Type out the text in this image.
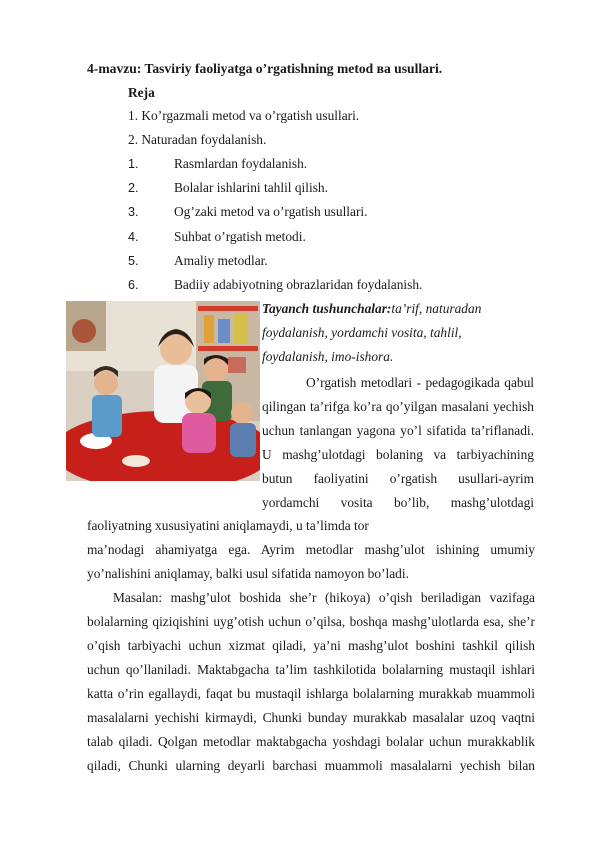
4-mavzu: Tasviriy faoliyatga o’rgatishning metod ва usullari.
Reja
1. Ko’rgazmali metod va o’rgatish usullari.
2. Naturadan foydalanish.
1.	Rasmlardan foydalanish.
2.	Bolalar ishlarini tahlil qilish.
3.	Og’zaki metod va o’rgatish usullari.
4.	Suhbat o’rgatish metodi.
5.	Amaliy metodlar.
6.	Badiiy adabiyotning obrazlaridan foydalanish.
Tayanch tushunchalar:ta’rif, naturadan
foydalanish, yordamchi vosita, tahlil,
foydalanish, imo-ishora.
O’rgatish metodlari - pedagogikada qabul
qilingan ta’rifga ko’ra qo’yilgan masalani yechish
uchun tanlangan yagona yo’l sifatida ta’riflanadi.
U mashg’ulotdagi bolaning va tarbiyachining
butun faoliyatini o’rgatish usullari-ayrim
yordamchi vosita bo’lib, mashg’ulotdagi
faoliyatning xususiyatini aniqlamaydi, u ta’limda tor
ma’nodagi ahamiyatga ega. Ayrim metodlar mashg’ulot ishining umumiy
yo’nalishini aniqlamay, balki usul sifatida namoyon bo’ladi.
Masalan: mashg’ulot boshida she’r (hikoya) o’qish beriladigan vazifaga
bolalarning qiziqishini uyg’otish uchun o’qilsa, boshqa mashg’ulotlarda esa, she’r
o’qish tarbiyachi uchun xizmat qiladi, ya’ni mashg’ulot boshini tashkil qilish
uchun qo’llaniladi. Maktabgacha ta’lim tashkilotida bolalarning mustaqil ishlari
katta o’rin egallaydi, faqat bu mustaqil ishlarga bolalarning murakkab muammoli
masalalarni yechishi kirmaydi, Chunki bunday murakkab masalalar uzoq vaqtni
talab qiladi. Qolgan metodlar maktabgacha yoshdagi bolalar uchun murakkablik
qiladi, Chunki ularning deyarli barchasi muammoli masalalarni yechish bilan
